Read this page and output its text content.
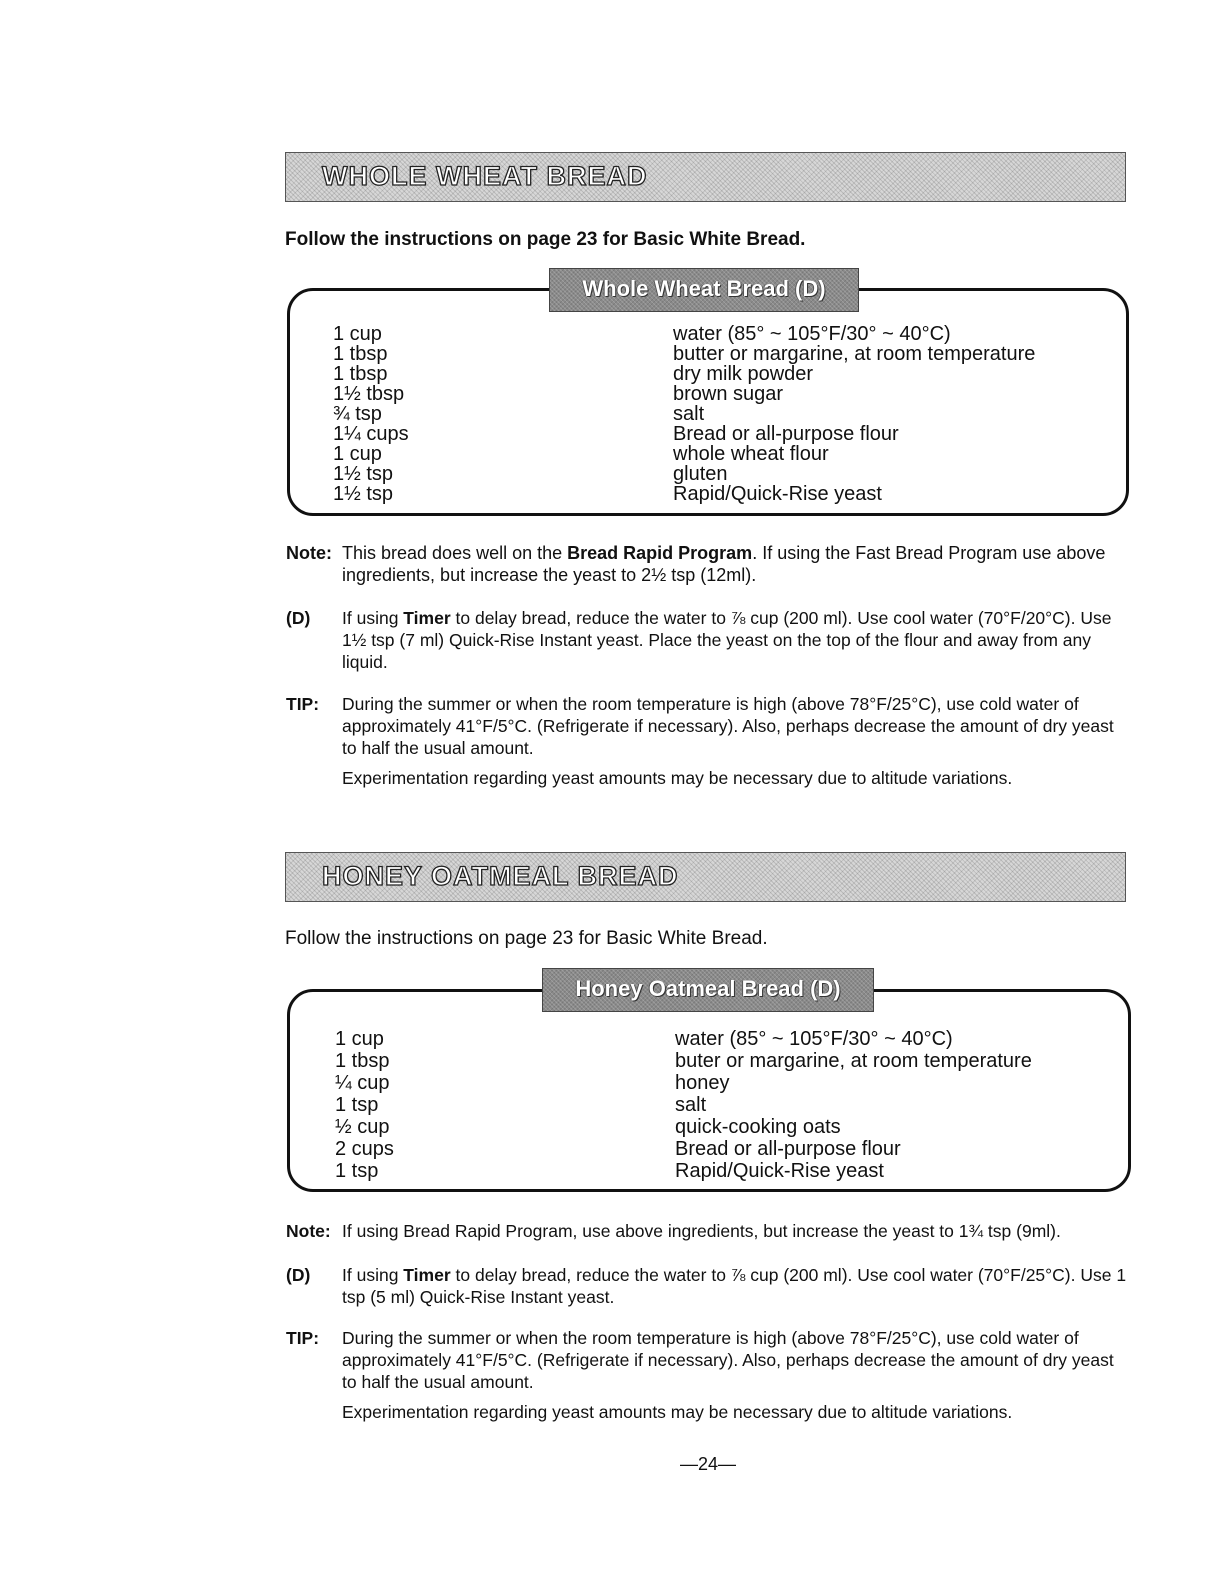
WHOLE WHEAT BREAD
Follow the instructions on page 23 for Basic White Bread.
Whole Wheat Bread (D)
1 cup	water (85° ~ 105°F/30° ~ 40°C)
1 tbsp	butter or margarine, at room temperature
1 tbsp	dry milk powder
1½ tbsp	brown sugar
¾ tsp	salt
1¼ cups	Bread or all-purpose flour
1 cup	whole wheat flour
1½ tsp	gluten
1½ tsp	Rapid/Quick-Rise yeast
Note: This bread does well on the Bread Rapid Program. If using the Fast Bread Program use above ingredients, but increase the yeast to 2½ tsp (12ml).

(D) If using Timer to delay bread, reduce the water to ⅞ cup (200 ml). Use cool water (70°F/20°C). Use 1½ tsp (7 ml) Quick-Rise Instant yeast. Place the yeast on the top of the flour and away from any liquid.

TIP: During the summer or when the room temperature is high (above 78°F/25°C), use cold water of approximately 41°F/5°C. (Refrigerate if necessary). Also, perhaps decrease the amount of dry yeast to half the usual amount.

Experimentation regarding yeast amounts may be necessary due to altitude variations.

HONEY OATMEAL BREAD
Follow the instructions on page 23 for Basic White Bread.
Honey Oatmeal Bread (D)
1 cup	water (85° ~ 105°F/30° ~ 40°C)
1 tbsp	buter or margarine, at room temperature
¼ cup	honey
1 tsp	salt
½ cup	quick-cooking oats
2 cups	Bread or all-purpose flour
1 tsp	Rapid/Quick-Rise yeast
Note: If using Bread Rapid Program, use above ingredients, but increase the yeast to 1¾ tsp (9ml).

(D) If using Timer to delay bread, reduce the water to ⅞ cup (200 ml). Use cool water (70°F/25°C). Use 1 tsp (5 ml) Quick-Rise Instant yeast.

TIP: During the summer or when the room temperature is high (above 78°F/25°C), use cold water of approximately 41°F/5°C. (Refrigerate if necessary). Also, perhaps decrease the amount of dry yeast to half the usual amount.

Experimentation regarding yeast amounts may be necessary due to altitude variations.

—24—
